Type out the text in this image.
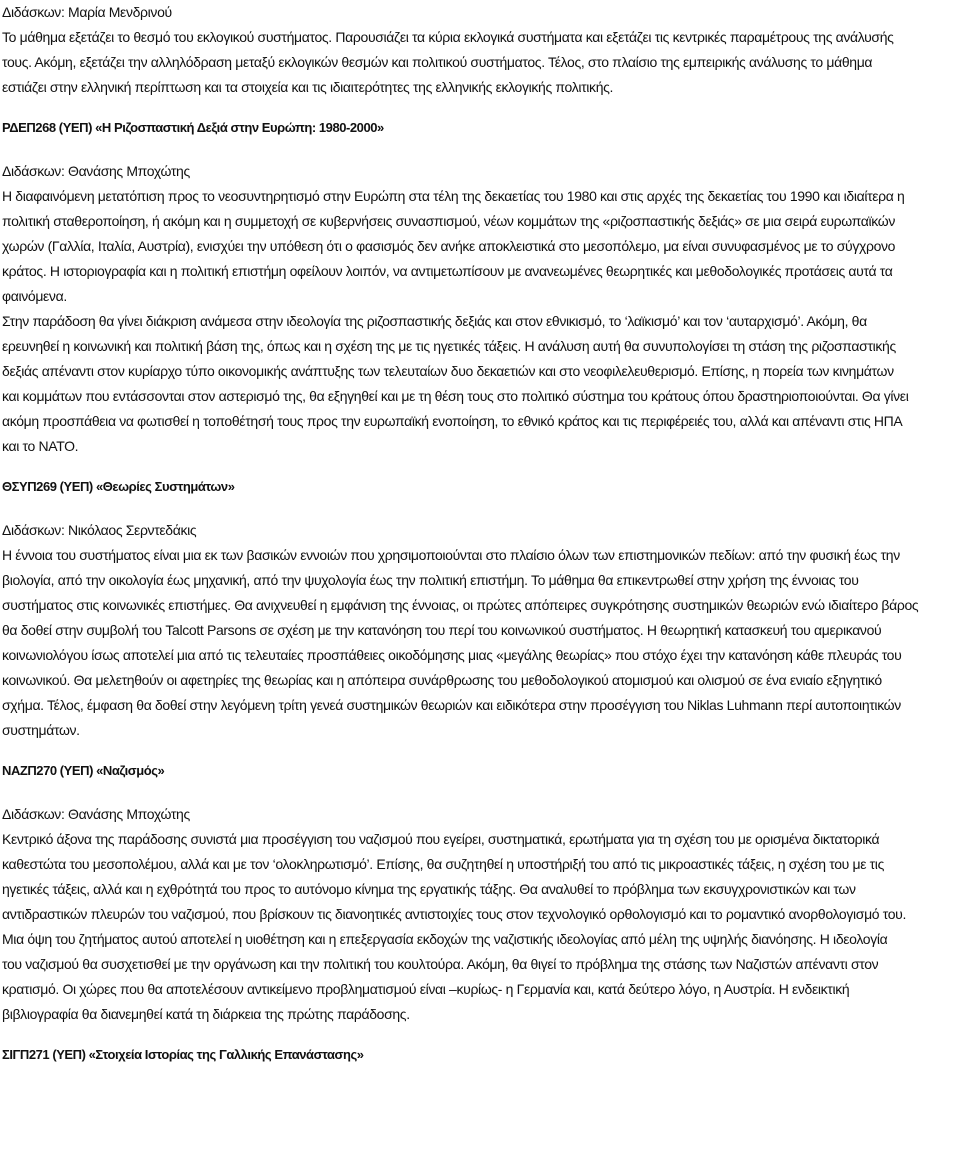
Διδάσκων: Μαρία Μενδρινού
Το μάθημα εξετάζει το θεσμό του εκλογικού συστήματος. Παρουσιάζει τα κύρια εκλογικά συστήματα και εξετάζει τις κεντρικές παραμέτρους της ανάλυσής
τους. Ακόμη, εξετάζει την αλληλόδραση μεταξύ εκλογικών θεσμών και πολιτικού συστήματος. Τέλος, στο πλαίσιο της εμπειρικής ανάλυσης το μάθημα
εστιάζει στην ελληνική περίπτωση και τα στοιχεία και τις ιδιαιτερότητες της ελληνικής εκλογικής πολιτικής.
ΡΔΕΠ268 (ΥΕΠ) «Η Ριζοσπαστική Δεξιά στην Ευρώπη: 1980-2000»
Διδάσκων: Θανάσης Μποχώτης
Η διαφαινόμενη μετατόπιση προς το νεοσυντηρητισμό στην Ευρώπη στα τέλη της δεκαετίας του 1980 και στις αρχές της δεκαετίας του 1990 και ιδιαίτερα η
πολιτική σταθεροποίηση, ή ακόμη και η συμμετοχή σε κυβερνήσεις συνασπισμού, νέων κομμάτων της «ριζοσπαστικής δεξιάς» σε μια σειρά ευρωπαϊκών
χωρών (Γαλλία, Ιταλία, Αυστρία), ενισχύει την υπόθεση ότι ο φασισμός δεν ανήκε αποκλειστικά στο μεσοπόλεμο, μα είναι συνυφασμένος με το σύγχρονο
κράτος. Η ιστοριογραφία και η πολιτική επιστήμη οφείλουν λοιπόν, να αντιμετωπίσουν με ανανεωμένες θεωρητικές και μεθοδολογικές προτάσεις αυτά τα
φαινόμενα.
Στην παράδοση θα γίνει διάκριση ανάμεσα στην ιδεολογία της ριζοσπαστικής δεξιάς και στον εθνικισμό, το ‘λαϊκισμό’ και τον ‘αυταρχισμό’. Ακόμη, θα
ερευνηθεί η κοινωνική και πολιτική βάση της, όπως και η σχέση της με τις ηγετικές τάξεις. Η ανάλυση αυτή θα συνυπολογίσει τη στάση της ριζοσπαστικής
δεξιάς απέναντι στον κυρίαρχο τύπο οικονομικής ανάπτυξης των τελευταίων δυο δεκαετιών και στο νεοφιλελευθερισμό. Επίσης, η πορεία των κινημάτων
και κομμάτων που εντάσσονται στον αστερισμό της, θα εξηγηθεί και με τη θέση τους στο πολιτικό σύστημα του κράτους όπου δραστηριοποιούνται. Θα γίνει
ακόμη προσπάθεια να φωτισθεί η τοποθέτησή τους προς την ευρωπαϊκή ενοποίηση, το εθνικό κράτος και τις περιφέρειές του, αλλά και απέναντι στις ΗΠΑ
και το ΝΑΤΟ.
ΘΣΥΠ269 (ΥΕΠ) «Θεωρίες Συστημάτων»
Διδάσκων: Νικόλαος Σερντεδάκις
Η έννοια του συστήματος είναι μια εκ των βασικών εννοιών που χρησιμοποιούνται στο πλαίσιο όλων των επιστημονικών πεδίων: από την φυσική έως την
βιολογία, από την οικολογία έως μηχανική, από την ψυχολογία έως την πολιτική επιστήμη. Το μάθημα θα επικεντρωθεί στην χρήση της έννοιας του
συστήματος στις κοινωνικές επιστήμες. Θα ανιχνευθεί η εμφάνιση της έννοιας, οι πρώτες απόπειρες συγκρότησης συστημικών θεωριών ενώ ιδιαίτερο βάρος
θα δοθεί στην συμβολή του Talcott Parsons σε σχέση με την κατανόηση του περί του κοινωνικού συστήματος. Η θεωρητική κατασκευή του αμερικανού
κοινωνιολόγου ίσως αποτελεί μια από τις τελευταίες προσπάθειες οικοδόμησης μιας «μεγάλης θεωρίας» που στόχο έχει την κατανόηση κάθε πλευράς του
κοινωνικού. Θα μελετηθούν οι αφετηρίες της θεωρίας και η απόπειρα συνάρθρωσης του μεθοδολογικού ατομισμού και ολισμού σε ένα ενιαίο εξηγητικό
σχήμα. Τέλος, έμφαση θα δοθεί στην λεγόμενη τρίτη γενεά συστημικών θεωριών και ειδικότερα στην προσέγγιση του Niklas Luhmann περί αυτοποιητικών
συστημάτων.
ΝΑΖΠ270 (ΥΕΠ) «Ναζισμός»
Διδάσκων: Θανάσης Μποχώτης
Κεντρικό άξονα της παράδοσης συνιστά μια προσέγγιση του ναζισμού που εγείρει, συστηματικά, ερωτήματα για τη σχέση του με ορισμένα δικτατορικά
καθεστώτα του μεσοπολέμου, αλλά και με τον ‘ολοκληρωτισμό’. Επίσης, θα συζητηθεί η υποστήριξή του από τις μικροαστικές τάξεις, η σχέση του με τις
ηγετικές τάξεις, αλλά και η εχθρότητά του προς το αυτόνομο κίνημα της εργατικής τάξης. Θα αναλυθεί το πρόβλημα των εκσυγχρονιστικών και των
αντιδραστικών πλευρών του ναζισμού, που βρίσκουν τις διανοητικές αντιστοιχίες τους στον τεχνολογικό ορθολογισμό και το ρομαντικό ανορθολογισμό του.
Μια όψη του ζητήματος αυτού αποτελεί η υιοθέτηση και η επεξεργασία εκδοχών της ναζιστικής ιδεολογίας από μέλη της υψηλής διανόησης. Η ιδεολογία
του ναζισμού θα συσχετισθεί με την οργάνωση και την πολιτική του κουλτούρα. Ακόμη, θα θιγεί το πρόβλημα της στάσης των Ναζιστών απέναντι στον
κρατισμό. Οι χώρες που θα αποτελέσουν αντικείμενο προβληματισμού είναι –κυρίως- η Γερμανία και, κατά δεύτερο λόγο, η Αυστρία. Η ενδεικτική
βιβλιογραφία θα διανεμηθεί κατά τη διάρκεια της πρώτης παράδοσης.
ΣΙΓΠ271 (ΥΕΠ) «Στοιχεία Ιστορίας της Γαλλικής Επανάστασης»
